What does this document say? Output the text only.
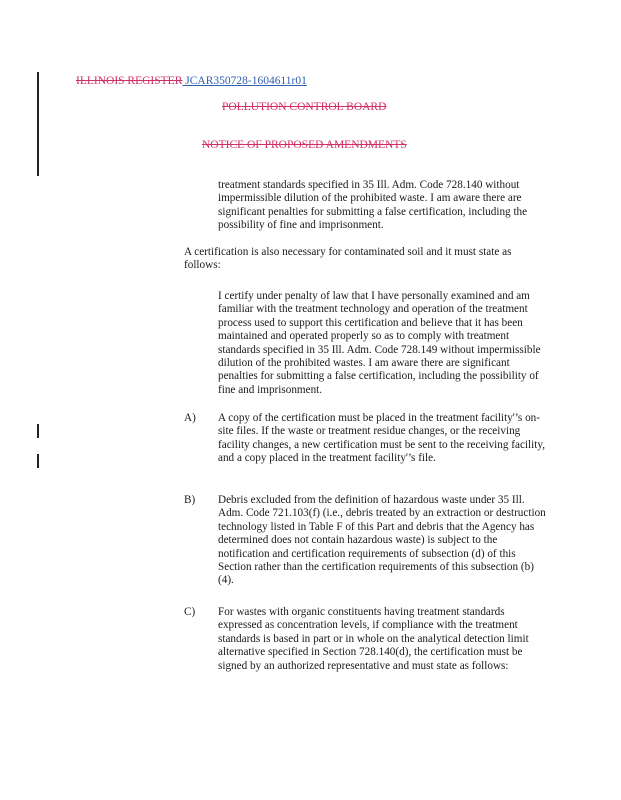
ILLINOIS REGISTER JCAR350728-1604611r01
POLLUTION CONTROL BOARD
NOTICE OF PROPOSED AMENDMENTS
treatment standards specified in 35 Ill. Adm. Code 728.140 without impermissible dilution of the prohibited waste. I am aware there are significant penalties for submitting a false certification, including the possibility of fine and imprisonment.
A certification is also necessary for contaminated soil and it must state as follows:
I certify under penalty of law that I have personally examined and am familiar with the treatment technology and operation of the treatment process used to support this certification and believe that it has been maintained and operated properly so as to comply with treatment standards specified in 35 Ill. Adm. Code 728.149 without impermissible dilution of the prohibited wastes. I am aware there are significant penalties for submitting a false certification, including the possibility of fine and imprisonment.
A) A copy of the certification must be placed in the treatment facility'’s on-site files. If the waste or treatment residue changes, or the receiving facility changes, a new certification must be sent to the receiving facility, and a copy placed in the treatment facility'’s file.
B) Debris excluded from the definition of hazardous waste under 35 Ill. Adm. Code 721.103(f) (i.e., debris treated by an extraction or destruction technology listed in Table F of this Part and debris that the Agency has determined does not contain hazardous waste) is subject to the notification and certification requirements of subsection (d) of this Section rather than the certification requirements of this subsection (b)(4).
C) For wastes with organic constituents having treatment standards expressed as concentration levels, if compliance with the treatment standards is based in part or in whole on the analytical detection limit alternative specified in Section 728.140(d), the certification must be signed by an authorized representative and must state as follows:
